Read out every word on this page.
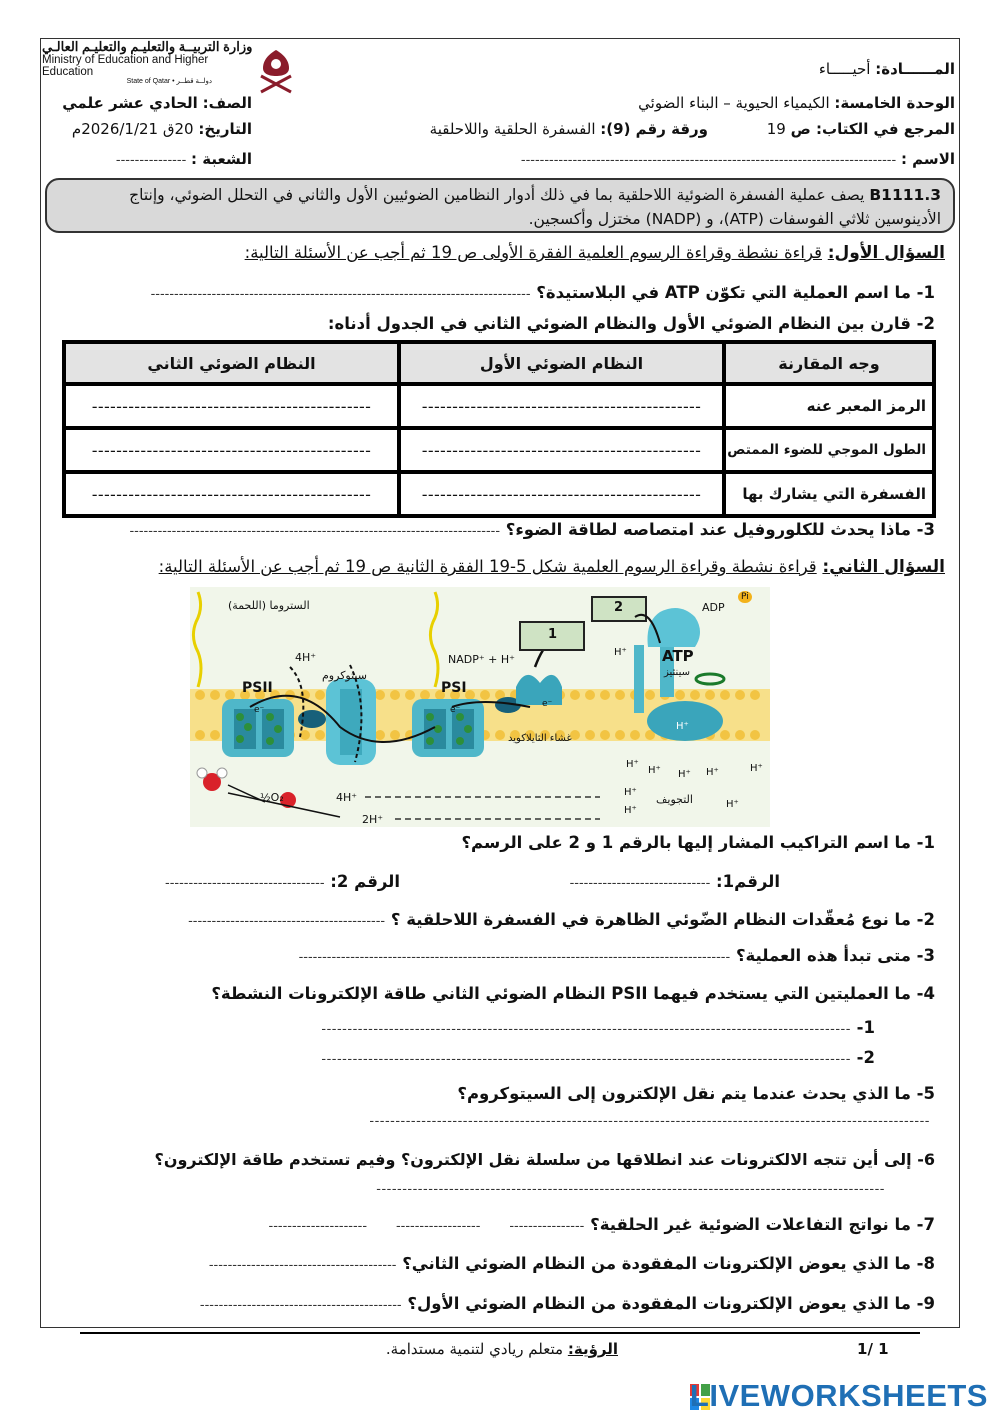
وزارة التربيــة والتعليـم والتعليـم العالـي
Ministry of Education and Higher Education
State of Qatar • دولــة قطــر
المــــــادة: أحيـــــاء
الوحدة الخامسة: الكيمياء الحيوية – البناء الضوئي
المرجع في الكتاب: ص 19
ورقة رقم (9): الفسفرة الحلقية واللاحلقية
الاسم : --------------------------------------------------------------------------------
الصف: الحادي عشر علمي
التاريخ: 20ق 2026/1/21م
الشعبة : ---------------
B1111.3 يصف عملية الفسفرة الضوئية اللاحلقية بما في ذلك أدوار النظامين الضوئيين الأول والثاني في التحلل الضوئي، وإنتاج الأدينوسين ثلاثي الفوسفات (ATP)، و (NADP) مختزل وأكسجين.
السؤال الأول: قراءة نشطة وقراءة الرسوم العلمية الفقرة الأولى ص 19 ثم أجب عن الأسئلة التالية:
1- ما اسم العملية التي تكوّن ATP في البلاستيدة؟ ---------------------------------------------------------------------------------
2- قارن بين النظام الضوئي الأول والنظام الضوئي الثاني في الجدول أدناه:
وجه المقارنة	النظام الضوئي الأول	النظام الضوئي الثاني
الرمز المعبر عنه	----------------------------------------------	----------------------------------------------
الطول الموجي للضوء الممتص	----------------------------------------------	----------------------------------------------
الفسفرة التي يشارك بها	----------------------------------------------	----------------------------------------------
3- ماذا يحدث للكلوروفيل عند امتصاصه لطاقة الضوء؟ -------------------------------------------------------------------------------
السؤال الثاني: قراءة نشطة وقراءة الرسوم العلمية شكل 5-19 الفقرة الثانية ص 19 ثم أجب عن الأسئلة التالية:
الستروما (اللحمة)
4H⁺
سيتوكروم
PSII	PSI
NADP⁺ + H⁺
1
2	ADP
Pi
ATP
سينثيز
غشاء الثايلاكويد
التجويف
4H⁺
2H⁺
½O₂
H⁺
H⁺
H⁺ H⁺ H⁺	H⁺
H⁺
H⁺
H⁺
H⁺
e⁻	e⁻
e⁻
1- ما اسم التراكيب المشار إليها بالرقم 1 و 2 على الرسم؟
الرقم1: ------------------------------
الرقم 2: ----------------------------------
2- ما نوع مُعقّدات النظام الضّوئي الظاهرة في الفسفرة اللاحلقية ؟ ------------------------------------------
3- متى تبدأ هذه العملية؟ --------------------------------------------------------------------------------------------
4- ما العمليتين التي يستخدم فيهما PSII النظام الضوئي الثاني طاقة الإلكترونات النشطة؟
1- ------------------------------------------------------------------------------------------------------
2- ------------------------------------------------------------------------------------------------------
5- ما الذي يحدث عندما يتم نقل الإلكترون إلى السيتوكروم؟
------------------------------------------------------------------------------------------------------------
6- إلى أين تتجه الالكترونات عند انطلاقها من سلسلة نقل الإلكترون؟ وفيم تستخدم طاقة الإلكترون؟
--------------------------------------------------------------------------------------------------
7- ما نواتج التفاعلات الضوئية غير الحلقية؟ ----------------       ------------------       ---------------------
8- ما الذي يعوض الإلكترونات المفقودة من النظام الضوئي الثاني؟ ----------------------------------------
9- ما الذي يعوض الإلكترونات المفقودة من النظام الضوئي الأول؟ -------------------------------------------
1 /1
الرؤية: متعلم ريادي لتنمية مستدامة.
LIVEWORKSHEETS
